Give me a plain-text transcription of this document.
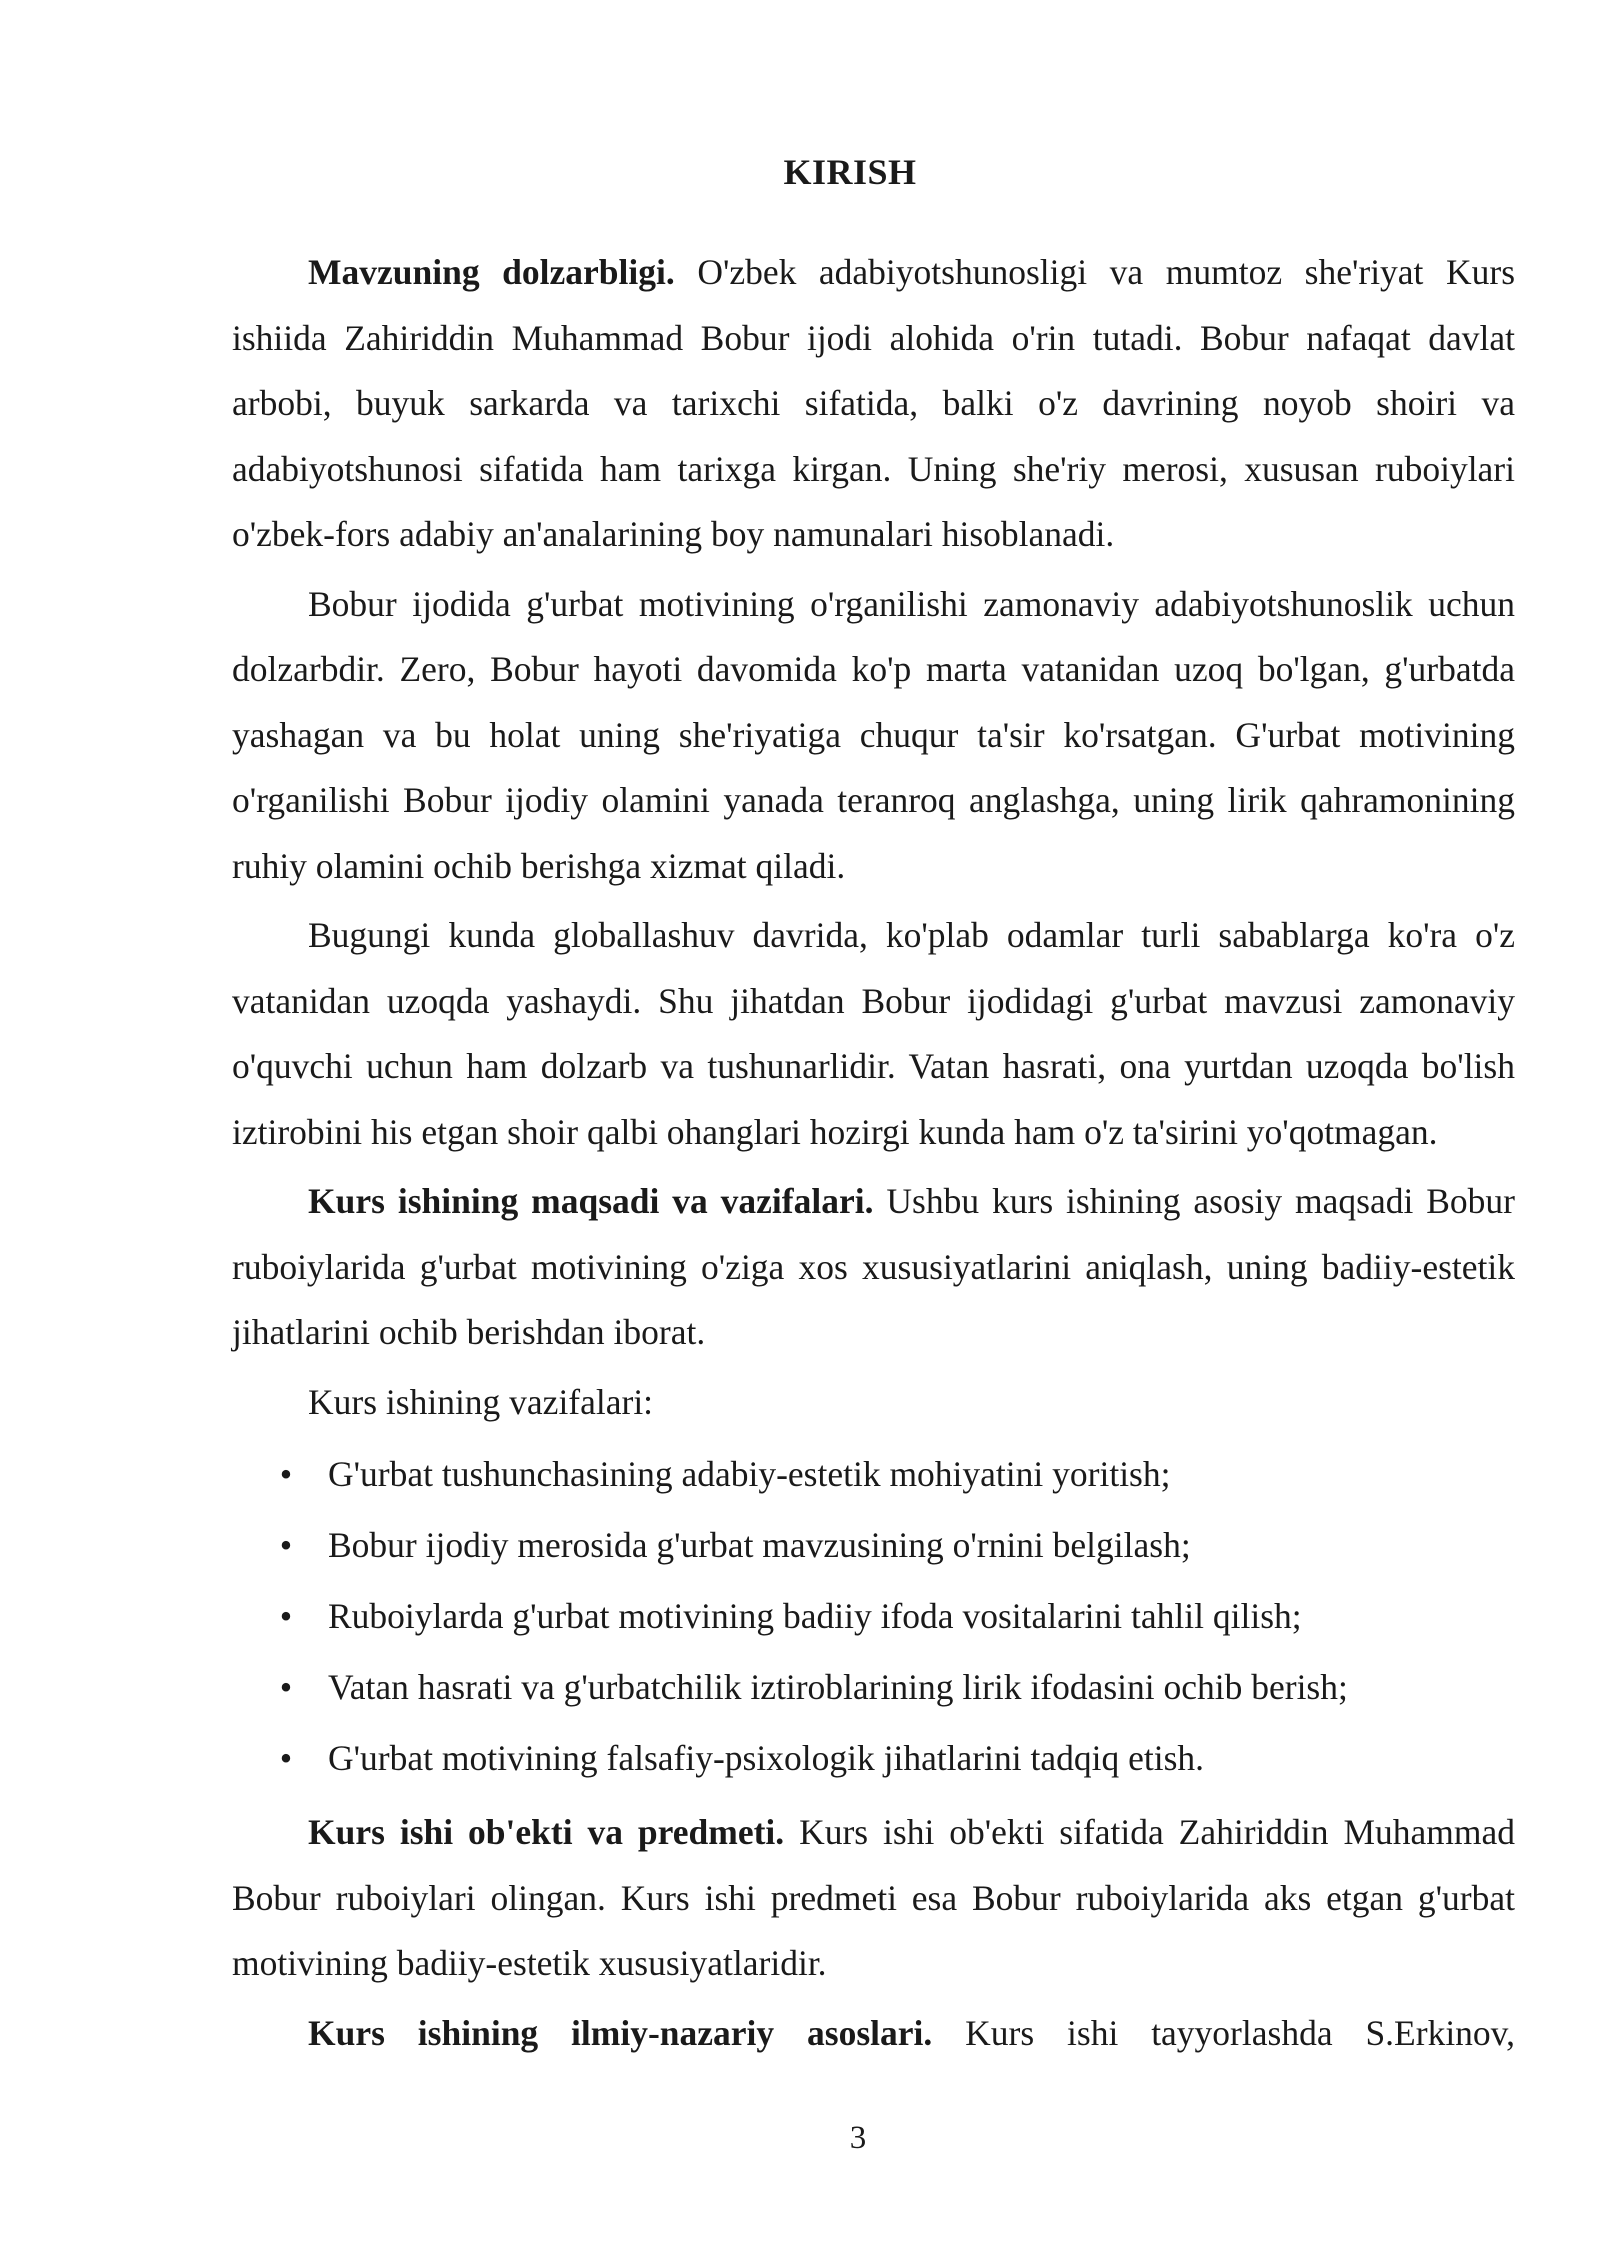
KIRISH

Mavzuning dolzarbligi. O'zbek adabiyotshunosligi va mumtoz she'riyat Kurs ishiida Zahiriddin Muhammad Bobur ijodi alohida o'rin tutadi. Bobur nafaqat davlat arbobi, buyuk sarkarda va tarixchi sifatida, balki o'z davrining noyob shoiri va adabiyotshunosi sifatida ham tarixga kirgan. Uning she'riy merosi, xususan ruboiylari o'zbek-fors adabiy an'analarining boy namunalari hisoblanadi.

Bobur ijodida g'urbat motivining o'rganilishi zamonaviy adabiyotshunoslik uchun dolzarbdir. Zero, Bobur hayoti davomida ko'p marta vatanidan uzoq bo'lgan, g'urbatda yashagan va bu holat uning she'riyatiga chuqur ta'sir ko'rsatgan. G'urbat motivining o'rganilishi Bobur ijodiy olamini yanada teranroq anglashga, uning lirik qahramonining ruhiy olamini ochib berishga xizmat qiladi.

Bugungi kunda globallashuv davrida, ko'plab odamlar turli sabablarga ko'ra o'z vatanidan uzoqda yashaydi. Shu jihatdan Bobur ijodidagi g'urbat mavzusi zamonaviy o'quvchi uchun ham dolzarb va tushunarlidir. Vatan hasrati, ona yurtdan uzoqda bo'lish iztirobini his etgan shoir qalbi ohanglari hozirgi kunda ham o'z ta'sirini yo'qotmagan.

Kurs ishining maqsadi va vazifalari. Ushbu kurs ishining asosiy maqsadi Bobur ruboiylarida g'urbat motivining o'ziga xos xususiyatlarini aniqlash, uning badiiy-estetik jihatlarini ochib berishdan iborat.

Kurs ishining vazifalari:

• G'urbat tushunchasining adabiy-estetik mohiyatini yoritish;
• Bobur ijodiy merosida g'urbat mavzusining o'rnini belgilash;
• Ruboiylarda g'urbat motivining badiiy ifoda vositalarini tahlil qilish;
• Vatan hasrati va g'urbatchilik iztiroblarining lirik ifodasini ochib berish;
• G'urbat motivining falsafiy-psixologik jihatlarini tadqiq etish.

Kurs ishi ob'ekti va predmeti. Kurs ishi ob'ekti sifatida Zahiriddin Muhammad Bobur ruboiylari olingan. Kurs ishi predmeti esa Bobur ruboiylarida aks etgan g'urbat motivining badiiy-estetik xususiyatlaridir.

Kurs ishining ilmiy-nazariy asoslari. Kurs ishi tayyorlashda S.Erkinov,

3
